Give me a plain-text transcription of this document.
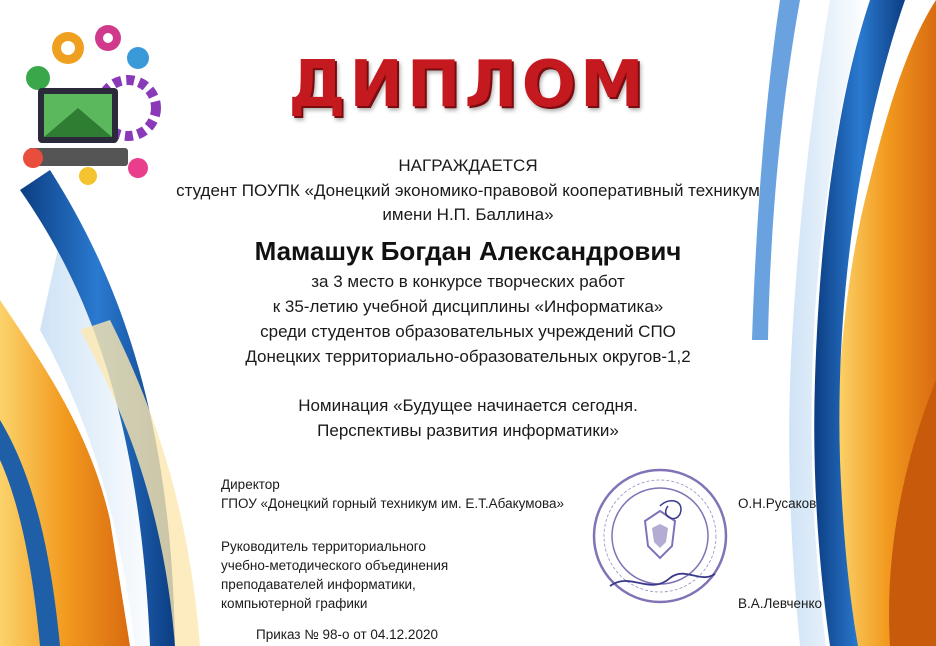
ДИПЛОМ
НАГРАЖДАЕТСЯ
студент ПОУПК «Донецкий экономико-правовой кооперативный техникум
имени Н.П. Баллина»
Мамашук Богдан Александрович
за 3 место в конкурсе творческих работ
к 35-летию учебной дисциплины «Информатика»
среди студентов образовательных учреждений СПО
Донецких территориально-образовательных округов-1,2
Номинация «Будущее начинается сегодня.
Перспективы развития информатики»
Директор
ГПОУ «Донецкий горный техникум им. Е.Т.Абакумова»	О.Н.Русаков
Руководитель территориального
учебно-методического объединения
преподавателей информатики,
компьютерной графики	В.А.Левченко
Приказ № 98-о от 04.12.2020
